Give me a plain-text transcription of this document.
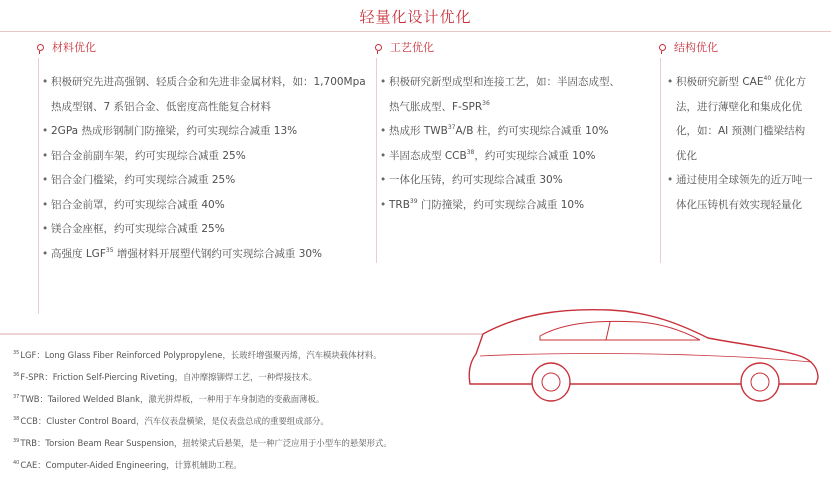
轻量化设计优化
材料优化
• 积极研究先进高强钢、轻质合金和先进非金属材料，如：1,700Mpa 热成型钢、7 系铝合金、低密度高性能复合材料
• 2GPa 热成形钢制门防撞梁，约可实现综合减重 13%
• 铝合金前副车架，约可实现综合减重 25%
• 铝合金门槛梁，约可实现综合减重 25%
• 铝合金前罩，约可实现综合减重 40%
• 镁合金座框，约可实现综合减重 25%
• 高强度 LGF$^{35}$ 增强材料开展塑代钢约可实现综合减重 30%
工艺优化
• 积极研究新型成型和连接工艺，如：半固态成型、热气胀成型、F-SPR$^{36}$
• 热成形 TWB$^{37}$A/B 柱，约可实现综合减重 10%
• 半固态成型 CCB$^{38}$，约可实现综合减重 10%
• 一体化压铸，约可实现综合减重 30%
• TRB$^{39}$ 门防撞梁，约可实现综合减重 10%
结构优化
• 积极研究新型 CAE$^{40}$ 优化方法，进行薄壁化和集成化优化，如：AI 预测门槛梁结构优化
• 通过使用全球领先的近万吨一体化压铸机有效实现轻量化
$^{35}$LGF：Long Glass Fiber Reinforced Polypropylene，长玻纤增强聚丙烯，汽车模块载体材料。
$^{36}$F-SPR：Friction Self-Piercing Riveting，自冲摩擦铆焊工艺，一种焊接技术。
$^{37}$TWB：Tailored Welded Blank，激光拼焊板，一种用于车身制造的变截面薄板。
$^{38}$CCB：Cluster Control Board，汽车仪表盘横梁，是仪表盘总成的重要组成部分。
$^{39}$TRB：Torsion Beam Rear Suspension，扭转梁式后悬架，是一种广泛应用于小型车的悬架形式。
$^{40}$CAE：Computer-Aided Engineering，计算机辅助工程。
